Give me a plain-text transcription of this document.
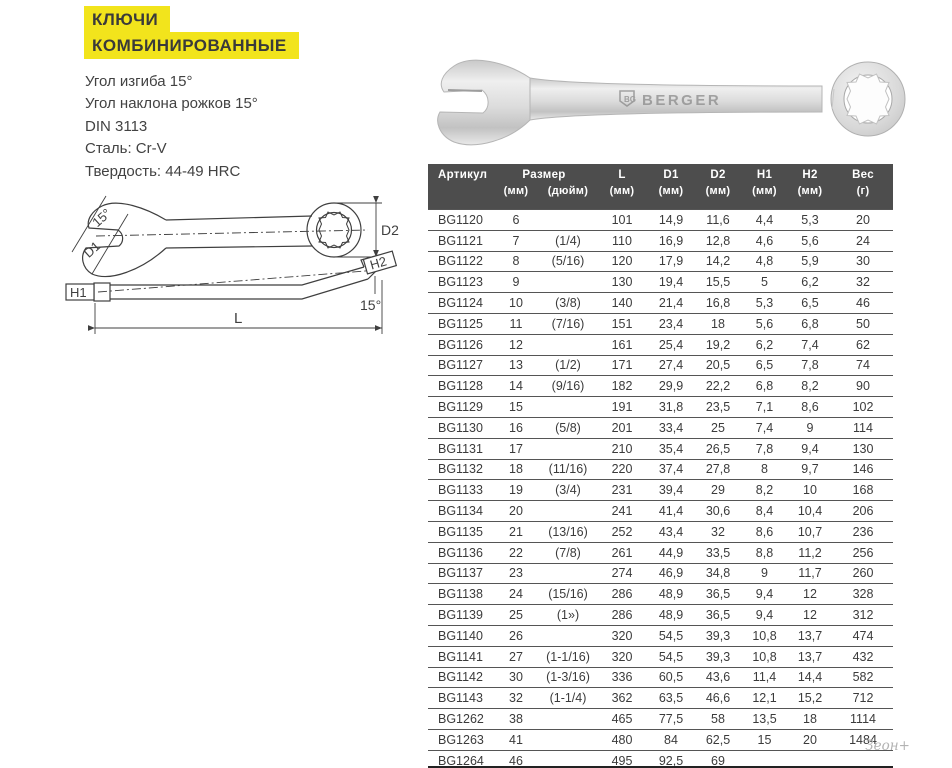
КЛЮЧИ
КОМБИНИРОВАННЫЕ
Угол изгиба 15°
Угол наклона рожков 15°
DIN 3113
Сталь: Cr-V
Твердость: 44-49 HRC
15°
D1
D2
H1
H2
15°
L
BG BERGER
Артикул	Размер		L	D1	D2	H1	H2	Вес
	(мм)	(дюйм)	(мм)	(мм)	(мм)	(мм)	(мм)	(г)
BG1120	6		101	14,9	11,6	4,4	5,3	20
BG1121	7	(1/4)	110	16,9	12,8	4,6	5,6	24
BG1122	8	(5/16)	120	17,9	14,2	4,8	5,9	30
BG1123	9		130	19,4	15,5	5	6,2	32
BG1124	10	(3/8)	140	21,4	16,8	5,3	6,5	46
BG1125	11	(7/16)	151	23,4	18	5,6	6,8	50
BG1126	12		161	25,4	19,2	6,2	7,4	62
BG1127	13	(1/2)	171	27,4	20,5	6,5	7,8	74
BG1128	14	(9/16)	182	29,9	22,2	6,8	8,2	90
BG1129	15		191	31,8	23,5	7,1	8,6	102
BG1130	16	(5/8)	201	33,4	25	7,4	9	114
BG1131	17		210	35,4	26,5	7,8	9,4	130
BG1132	18	(11/16)	220	37,4	27,8	8	9,7	146
BG1133	19	(3/4)	231	39,4	29	8,2	10	168
BG1134	20		241	41,4	30,6	8,4	10,4	206
BG1135	21	(13/16)	252	43,4	32	8,6	10,7	236
BG1136	22	(7/8)	261	44,9	33,5	8,8	11,2	256
BG1137	23		274	46,9	34,8	9	11,7	260
BG1138	24	(15/16)	286	48,9	36,5	9,4	12	328
BG1139	25	(1»)	286	48,9	36,5	9,4	12	312
BG1140	26		320	54,5	39,3	10,8	13,7	474
BG1141	27	(1-1/16)	320	54,5	39,3	10,8	13,7	432
BG1142	30	(1-3/16)	336	60,5	43,6	11,4	14,4	582
BG1143	32	(1-1/4)	362	63,5	46,6	12,1	15,2	712
BG1262	38		465	77,5	58	13,5	18	1114
BG1263	41		480	84	62,5	15	20	1484
BG1264	46		495	92,5	69			
Зеон+
